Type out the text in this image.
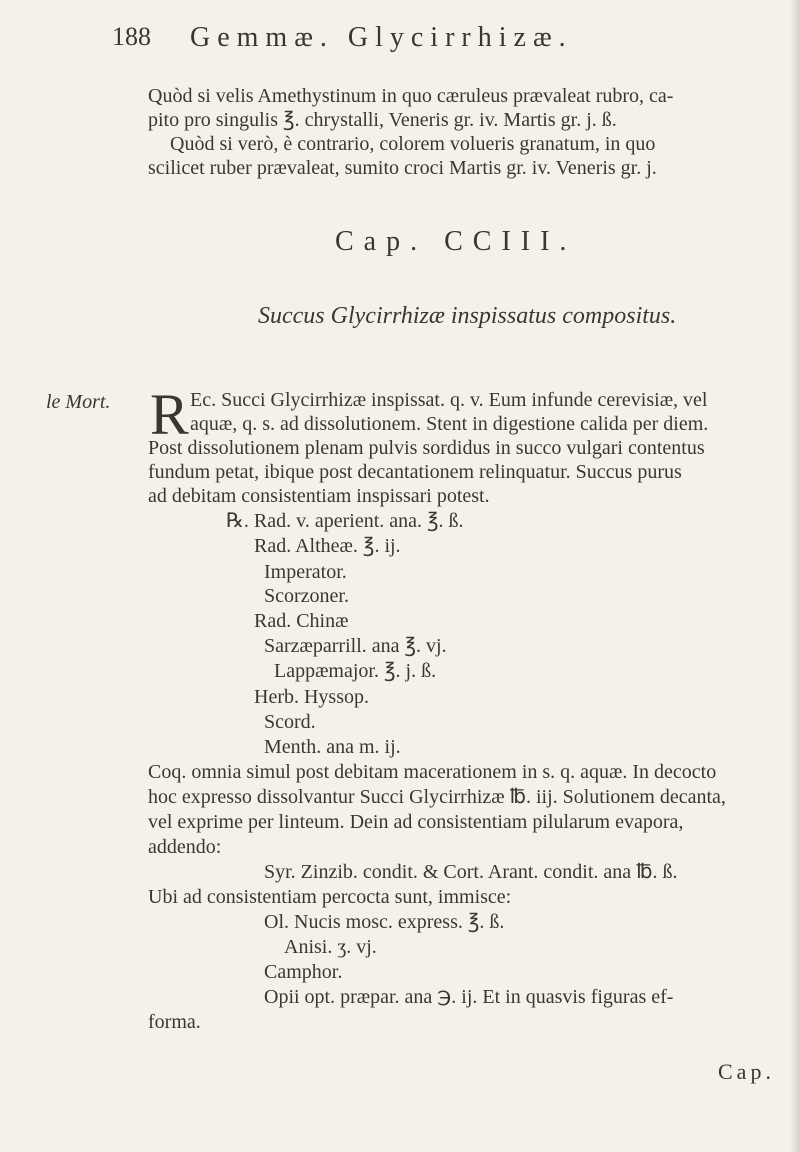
188 Gemmæ. Glycirrhizæ.
Quòd si velis Amethystinum in quo cæruleus prævaleat rubro, ca-
pito pro singulis ℥. chrystalli, Veneris gr. iv. Martis gr. j. ß.
Quòd si verò, è contrario, colorem volueris granatum, in quo
scilicet ruber prævaleat, sumito croci Martis gr. iv. Veneris gr. j.
Cap. CCIII.
Succus Glycirrhizæ inspissatus compositus.
le Mort. R Ec. Succi Glycirrhizæ inspissat. q. v. Eum infunde cerevisiæ, vel
aquæ, q. s. ad dissolutionem. Stent in digestione calida per diem.
Post dissolutionem plenam pulvis sordidus in succo vulgari contentus
fundum petat, ibique post decantationem relinquatur. Succus purus
ad debitam consistentiam inspissari potest.
℞. Rad. v. aperient. ana. ℥. ß.
Rad. Altheæ. ℥. ij.
Imperator.
Scorzoner.
Rad. Chinæ
Sarzæparrill. ana ℥. vj.
Lappæmajor. ℥. j. ß.
Herb. Hyssop.
Scord.
Menth. ana m. ij.
Coq. omnia simul post debitam macerationem in s. q. aquæ. In decocto
hoc expresso dissolvantur Succi Glycirrhizæ ℔. iij. Solutionem decanta,
vel exprime per linteum. Dein ad consistentiam pilularum evapora,
addendo:
Syr. Zinzib. condit. & Cort. Arant. condit. ana ℔. ß.
Ubi ad consistentiam percocta sunt, immisce:
Ol. Nucis mosc. express. ℥. ß.
Anisi. ʒ. vj.
Camphor.
Opii opt. præpar. ana ℈. ij. Et in quasvis figuras ef-
forma.
Cap.
